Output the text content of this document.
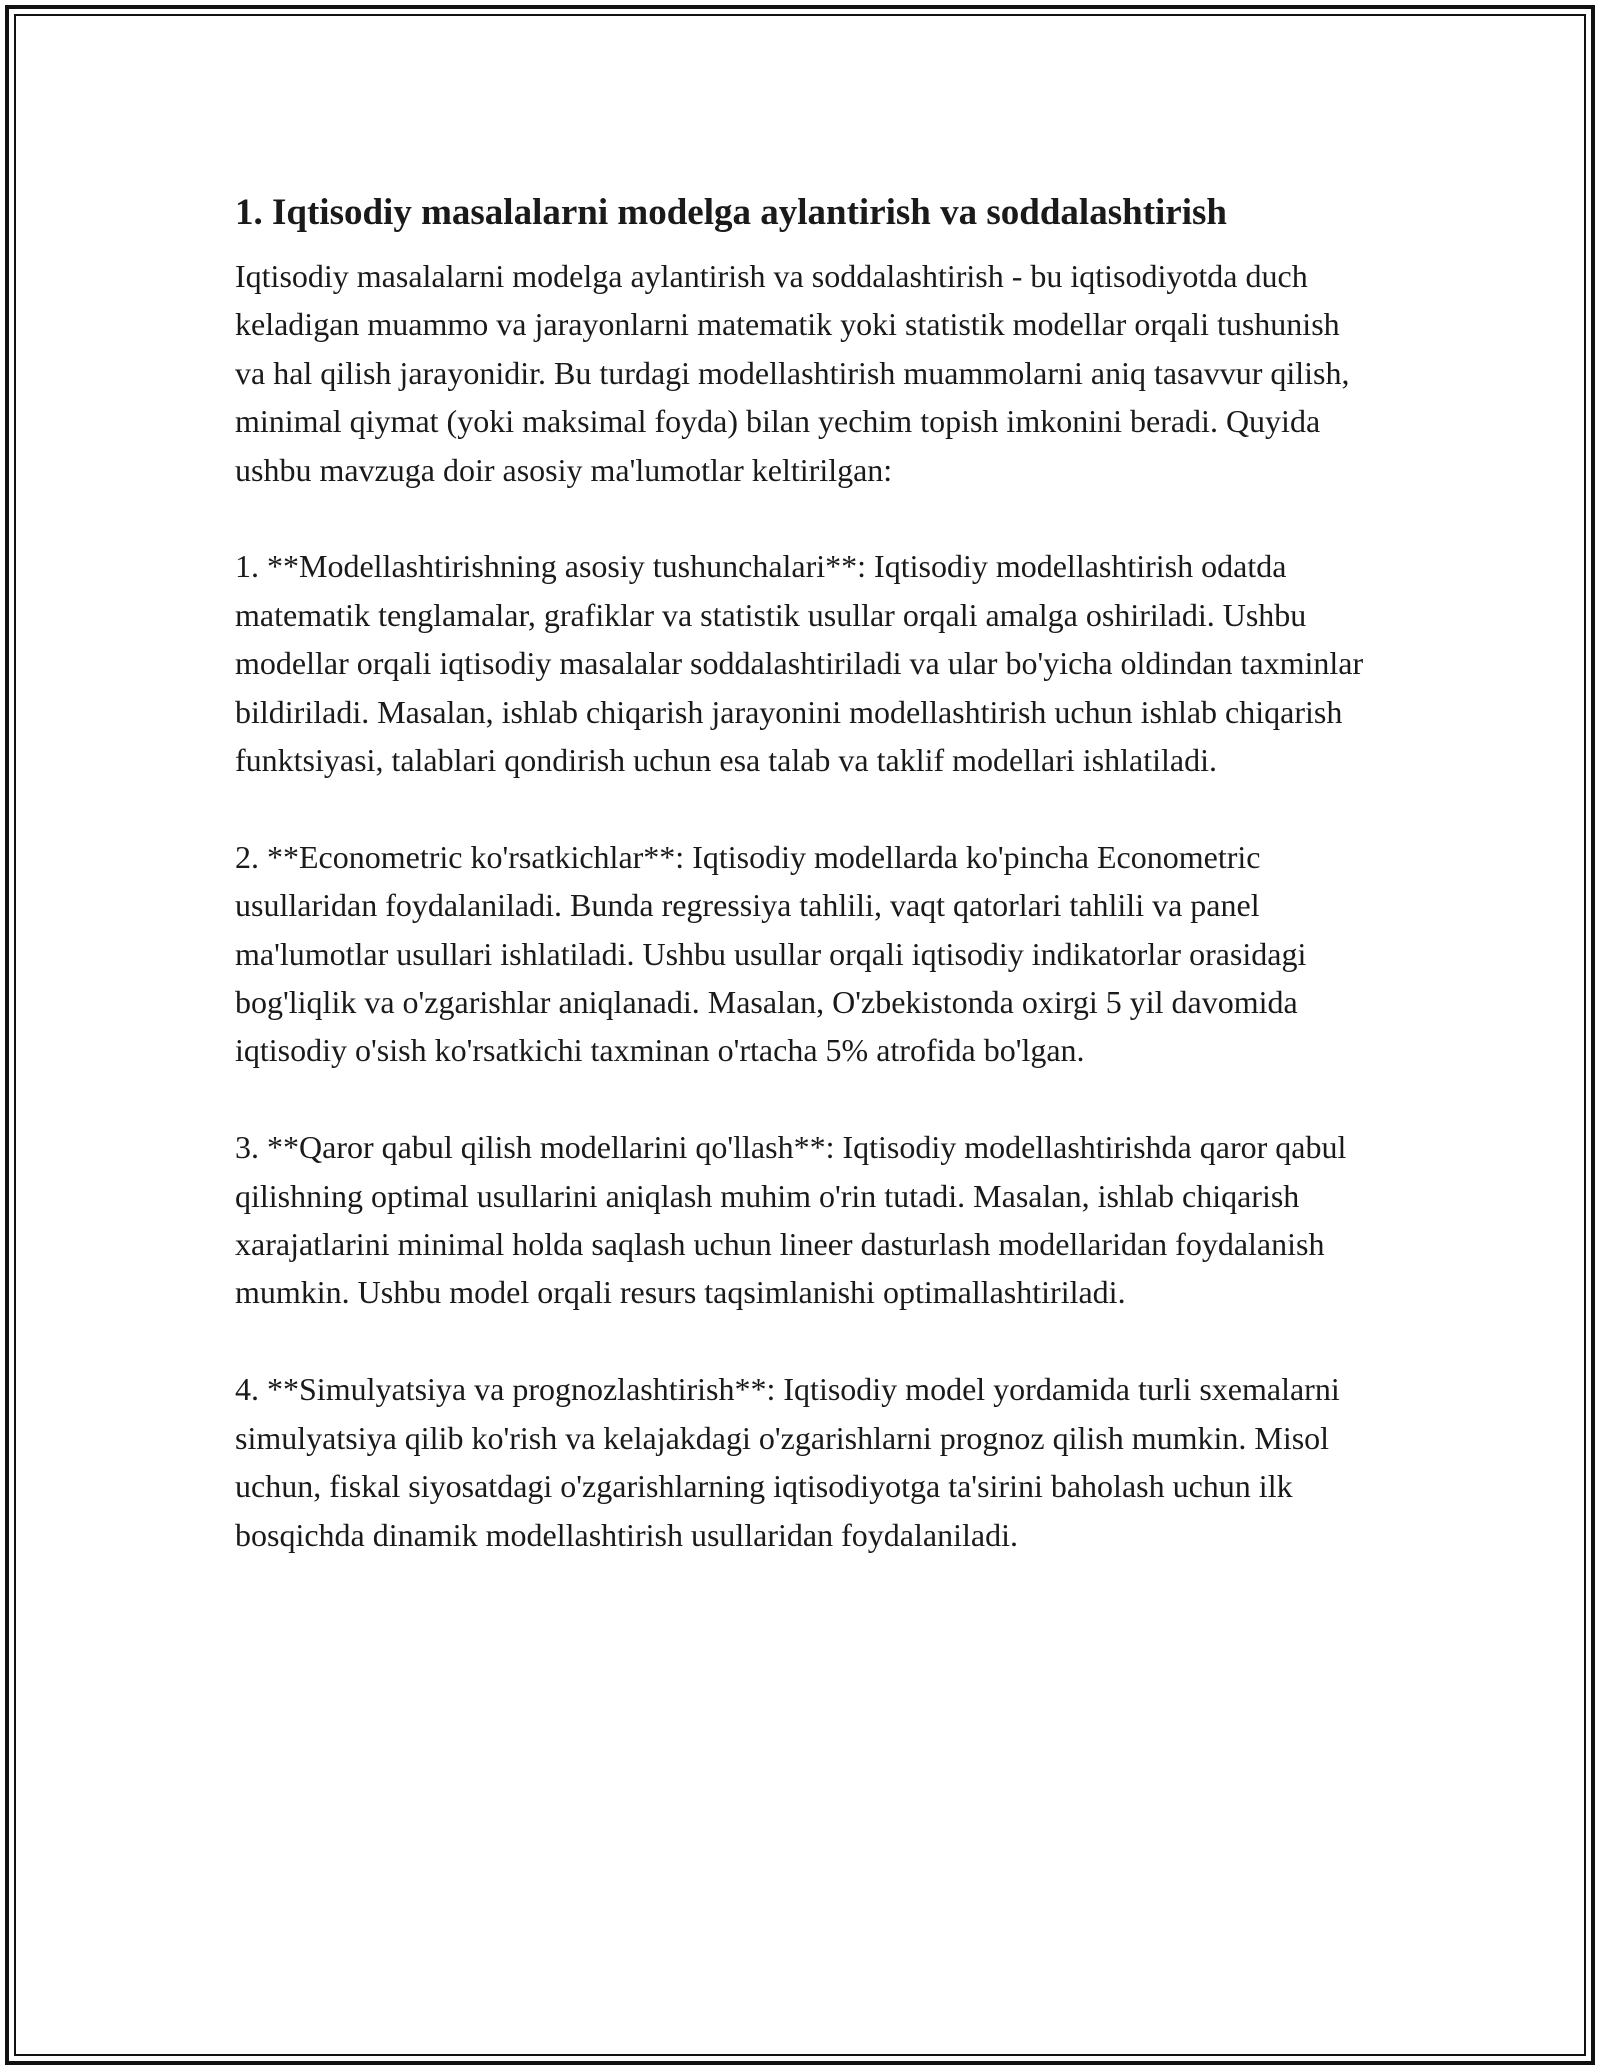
1. Iqtisodiy masalalarni modelga aylantirish va soddalashtirish

Iqtisodiy masalalarni modelga aylantirish va soddalashtirish - bu iqtisodiyotda duch keladigan muammo va jarayonlarni matematik yoki statistik modellar orqali tushunish va hal qilish jarayonidir. Bu turdagi modellashtirish muammolarni aniq tasavvur qilish, minimal qiymat (yoki maksimal foyda) bilan yechim topish imkonini beradi. Quyida ushbu mavzuga doir asosiy ma'lumotlar keltirilgan:

1. **Modellashtirishning asosiy tushunchalari**: Iqtisodiy modellashtirish odatda matematik tenglamalar, grafiklar va statistik usullar orqali amalga oshiriladi. Ushbu modellar orqali iqtisodiy masalalar soddalashtiriladi va ular bo'yicha oldindan taxminlar bildiriladi. Masalan, ishlab chiqarish jarayonini modellashtirish uchun ishlab chiqarish funktsiyasi, talablari qondirish uchun esa talab va taklif modellari ishlatiladi.

2. **Econometric ko'rsatkichlar**: Iqtisodiy modellarda ko'pincha Econometric usullaridan foydalaniladi. Bunda regressiya tahlili, vaqt qatorlari tahlili va panel ma'lumotlar usullari ishlatiladi. Ushbu usullar orqali iqtisodiy indikatorlar orasidagi bog'liqlik va o'zgarishlar aniqlanadi. Masalan, O'zbekistonda oxirgi 5 yil davomida iqtisodiy o'sish ko'rsatkichi taxminan o'rtacha 5% atrofida bo'lgan.

3. **Qaror qabul qilish modellarini qo'llash**: Iqtisodiy modellashtirishda qaror qabul qilishning optimal usullarini aniqlash muhim o'rin tutadi. Masalan, ishlab chiqarish xarajatlarini minimal holda saqlash uchun lineer dasturlash modellaridan foydalanish mumkin. Ushbu model orqali resurs taqsimlanishi optimallashtiriladi.

4. **Simulyatsiya va prognozlashtirish**: Iqtisodiy model yordamida turli sxemalarni simulyatsiya qilib ko'rish va kelajakdagi o'zgarishlarni prognoz qilish mumkin. Misol uchun, fiskal siyosatdagi o'zgarishlarning iqtisodiyotga ta'sirini baholash uchun ilk bosqichda dinamik modellashtirish usullaridan foydalaniladi.
